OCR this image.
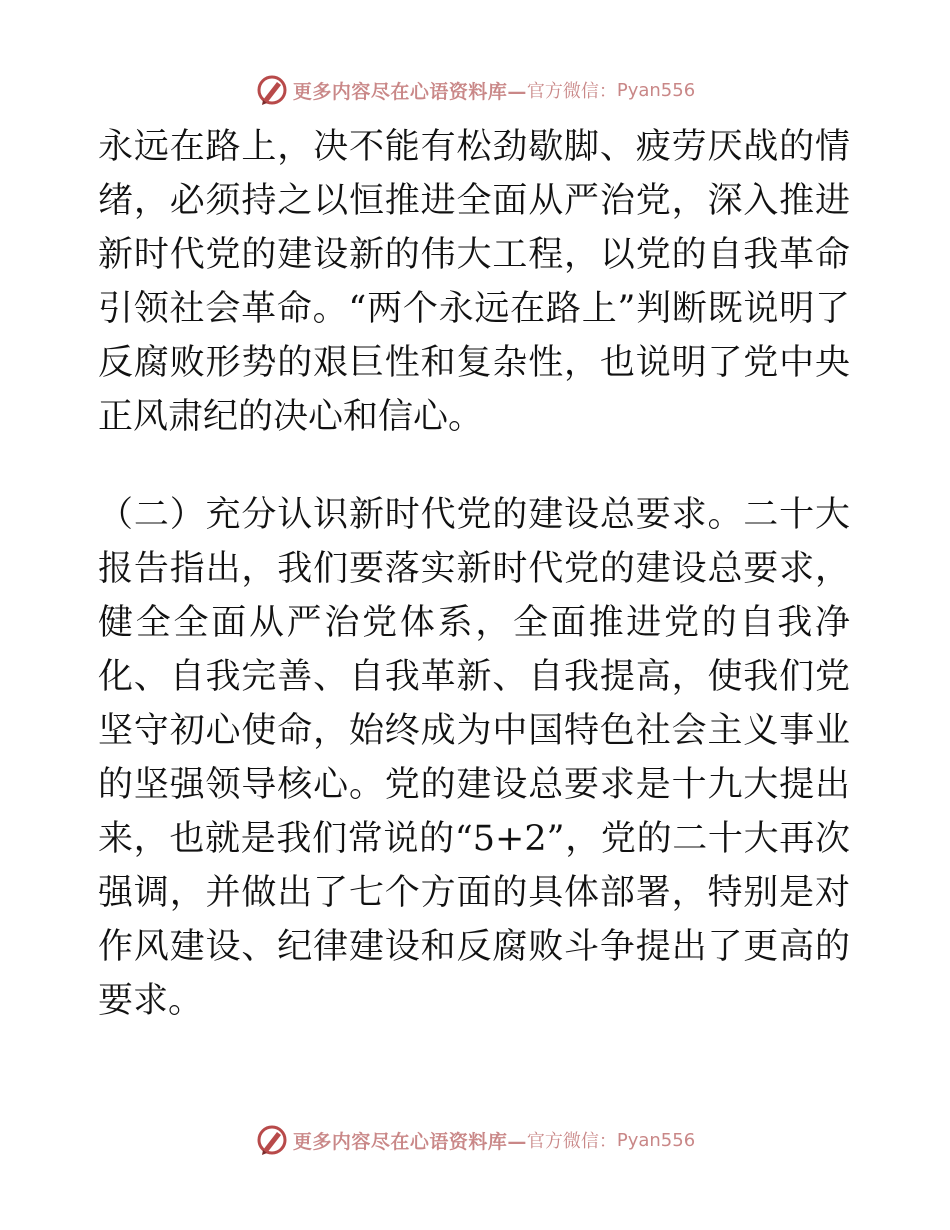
更多内容尽在心语资料库— 官方微信： Pyan556

永远在路上，决不能有松劲歇脚、疲劳厌战的情绪，必须持之以恒推进全面从严治党，深入推进新时代党的建设新的伟大工程，以党的自我革命引领社会革命。“两个永远在路上”判断既说明了反腐败形势的艰巨性和复杂性，也说明了党中央正风肃纪的决心和信心。

（二）充分认识新时代党的建设总要求。二十大报告指出，我们要落实新时代党的建设总要求，健全全面从严治党体系，全面推进党的自我净化、自我完善、自我革新、自我提高，使我们党坚守初心使命，始终成为中国特色社会主义事业的坚强领导核心。党的建设总要求是十九大提出来，也就是我们常说的“5+2”，党的二十大再次强调，并做出了七个方面的具体部署，特别是对作风建设、纪律建设和反腐败斗争提出了更高的要求。

更多内容尽在心语资料库— 官方微信： Pyan556
